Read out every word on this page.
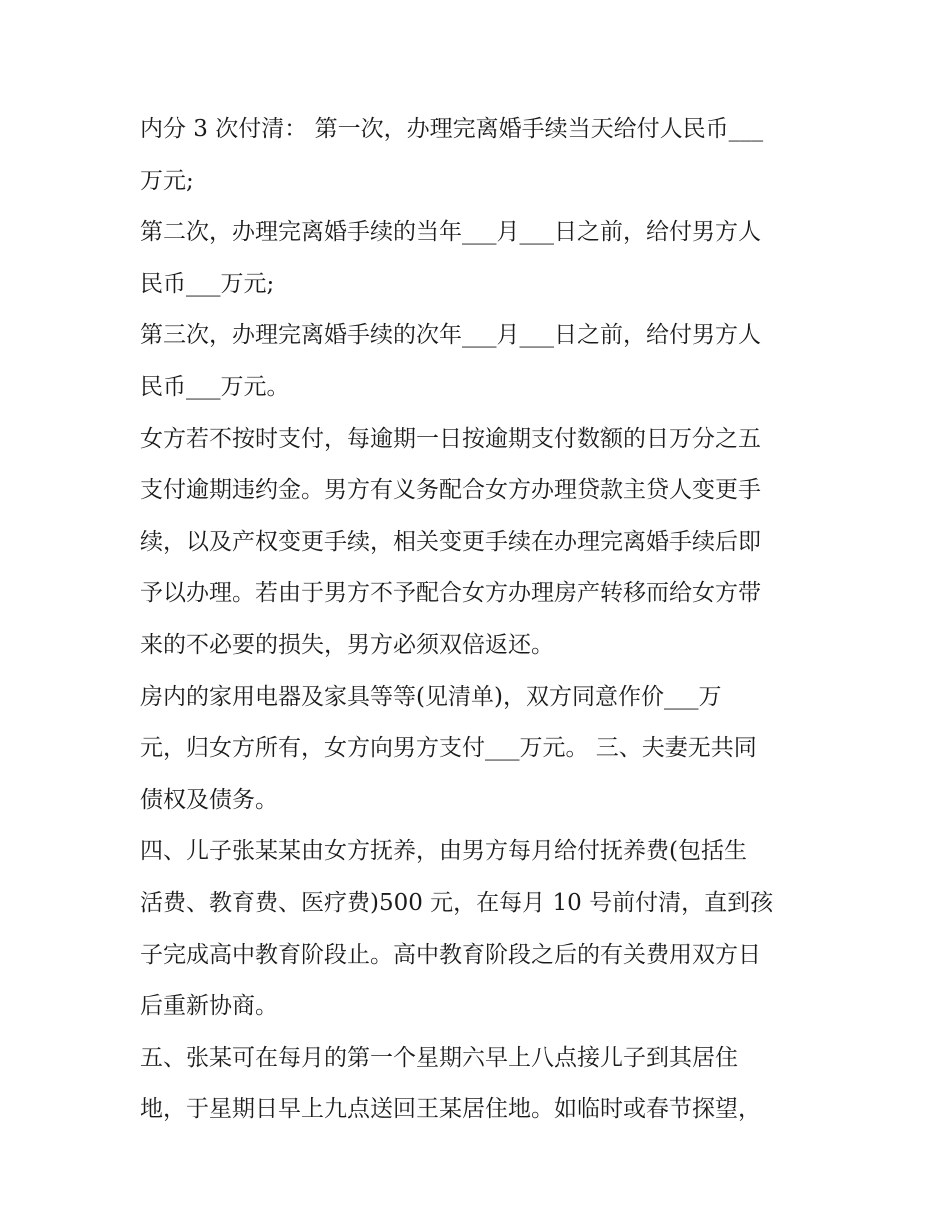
内分 3 次付清： 第一次，办理完离婚手续当天给付人民币___
万元;
第二次，办理完离婚手续的当年___月___日之前，给付男方人
民币___万元;
第三次，办理完离婚手续的次年___月___日之前，给付男方人
民币___万元。
女方若不按时支付，每逾期一日按逾期支付数额的日万分之五
支付逾期违约金。男方有义务配合女方办理贷款主贷人变更手
续，以及产权变更手续，相关变更手续在办理完离婚手续后即
予以办理。若由于男方不予配合女方办理房产转移而给女方带
来的不必要的损失，男方必须双倍返还。
房内的家用电器及家具等等(见清单)，双方同意作价___万
元，归女方所有，女方向男方支付___万元。 三、夫妻无共同
债权及债务。
四、儿子张某某由女方抚养，由男方每月给付抚养费(包括生
活费、教育费、医疗费)500 元，在每月 10 号前付清，直到孩
子完成高中教育阶段止。高中教育阶段之后的有关费用双方日
后重新协商。
五、张某可在每月的第一个星期六早上八点接儿子到其居住
地，于星期日早上九点送回王某居住地。如临时或春节探望，
